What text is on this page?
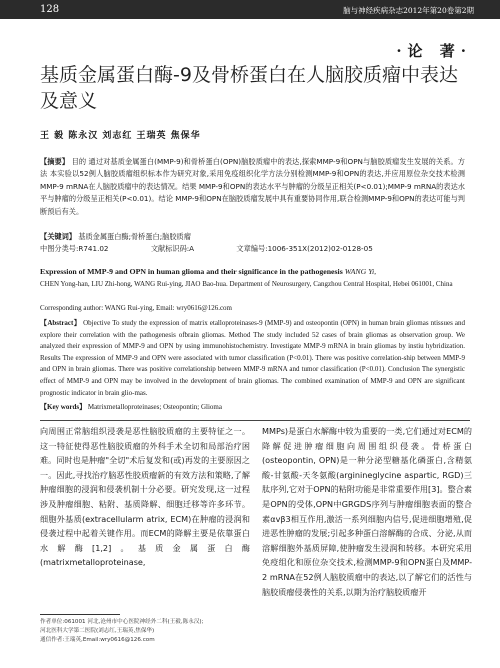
128	脑与神经疾病杂志2012年第20卷第2期
·论 著·
基质金属蛋白酶-9及骨桥蛋白在人脑胶质瘤中表达及意义
王 毅 陈永汉 刘志红 王瑞英 焦保华
【摘要】 目的 通过对基质金属蛋白(MMP-9)和骨桥蛋白(OPN)脑胶质瘤中的表达,探索MMP-9和OPN与脑胶质瘤发生发展的关系。方法 本实验以52例人脑胶质瘤组织标本作为研究对象,采用免疫组织化学方法分别检测MMP-9和OPN的表达,并应用原位杂交技术检测MMP-9 mRNA在人脑胶质瘤中的表达情况。结果 MMP-9和OPN的表达水平与肿瘤的分级呈正相关(P<0.01);MMP-9 mRNA的表达水平与肿瘤的分级呈正相关(P<0.01)。结论 MMP-9和OPN在脑胶质瘤发展中具有重要协同作用,联合检测MMP-9和OPN的表达可能与判断预后有关。
【关键词】 基质金属蛋白酶;骨桥蛋白;脑胶质瘤
中图分类号:R741.02	文献标识码:A	文章编号:1006-351X(2012)02-0128-05
Expression of MMP-9 and OPN in human glioma and their significance in the pathogenesis WANG Yi,
CHEN Yong-han, LIU Zhi-hong, WANG Rui-ying, JIAO Bao-hua. Department of Neurosurgery, Cangzhou Central Hospital, Hebei 061001, China
Corresponding author: WANG Rui-ying, Email: wry0616@126.com
【Abstract】 Objective To study the expression of matrix etalloproteinases-9 (MMP-9) and osteopontin (OPN) in human brain gliomas ntissues and explore their correlation with the pathogenesis ofbrain gliomas. Method The study included 52 cases of brain gliomas as observation group. We analyzed their expression of MMP-9 and OPN by using immunohistochemistry. Investigate MMP-9 mRNA in brain gliomas by instiu hybridization. Results The expression of MMP-9 and OPN were associated with tumor classification (P<0.01). There was positive correlation-ship between MMP-9 and OPN in brain gliomas. There was positive correlationship between MMP-9 mRNA and tumor classification (P<0.01). Conclusion The synergistic effect of MMP-9 and OPN may be involved in the development of brain gliomas. The combined examination of MMP-9 and OPN are significant prognostic indicator in brain glio-mas.
【Key words】 Matrixmetalloproteinases; Osteopontin; Glioma
向周围正常脑组织浸袭是恶性脑胶质瘤的主要特征之一。这一特征使得恶性脑胶质瘤的外科手术全切和局部治疗困难。同时也是肿瘤"全切"术后复发和(或)再发的主要原因之一。因此,寻找治疗脑恶性胶质瘤新的有效方法和策略,了解肿瘤细胞的浸润和侵袭机制十分必要。研究发现,这一过程涉及肿瘤细胞、粘附、基质降解、细胞迁移等许多环节。细胞外基质(extracellularm atrix, ECM)在肿瘤的浸润和侵袭过程中起着关键作用。而ECM的降解主要是依靠蛋白水解酶[1,2]。基质金属蛋白酶(matrixmetalloproteinase,
MMPs)是蛋白水解酶中较为重要的一类,它们通过对ECM的降解促进肿瘤细胞向周围组织侵袭。骨桥蛋白(osteopontin, OPN)是一种分泌型糖基化磷蛋白,含精氨酸-甘氨酸-天冬氨酸(arginineglycine aspartic, RGD)三肽序列,它对于OPN的粘附功能是非常重要作用[3]。整合素是OPN的受体,OPN中GRGDS序列与肿瘤细胞表面的整合素αvβ3相互作用,激活一系列细胞内信号,促进细胞增殖,促进恶性肿瘤的发展;引起多种蛋白溶解酶的合成、分泌,从而溶解细胞外基质屏障,使肿瘤发生浸润和转移。本研究采用免疫组化和原位杂交技术,检测MMP-9和OPN蛋白及MMP-2 mRNA在52例人脑胶质瘤中的表达,以了解它们的活性与脑胶质瘤侵袭性的关系,以期为治疗脑胶质瘤开
作者单位:061001 河北,沧州市中心医院神经外二科(王毅,陈永汉);
河北医科大学第二医院(刘志红,王瑞英,焦保华)
通信作者:王瑞英,Email:wry0616@126.com
